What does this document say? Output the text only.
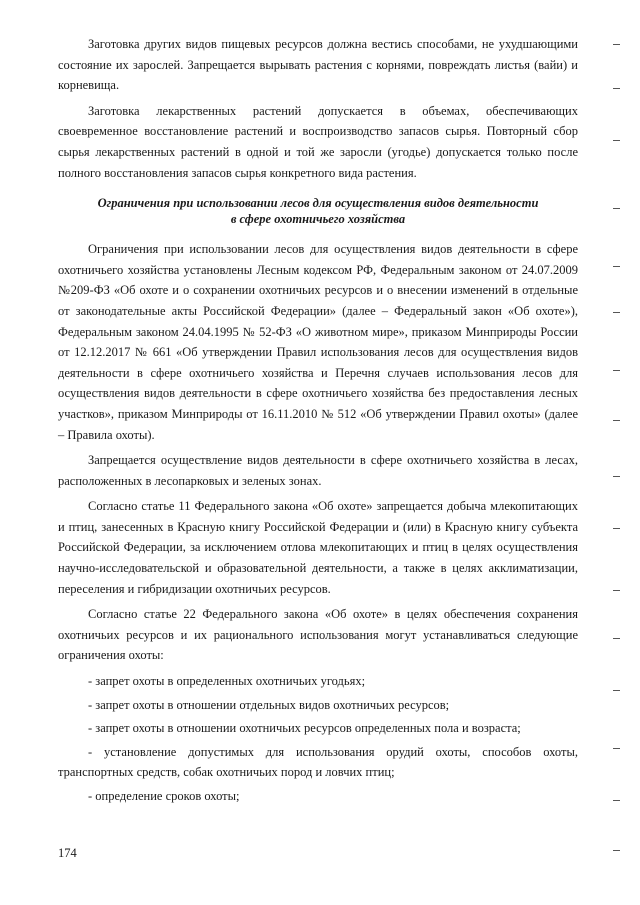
Заготовка других видов пищевых ресурсов должна вестись способами, не ухудшающими состояние их зарослей. Запрещается вырывать растения с корнями, повреждать листья (вайи) и корневища.

Заготовка лекарственных растений допускается в объемах, обеспечивающих своевременное восстановление растений и воспроизводство запасов сырья. Повторный сбор сырья лекарственных растений в одной и той же заросли (угодье) допускается только после полного восстановления запасов сырья конкретного вида растения.

Ограничения при использовании лесов для осуществления видов деятельности
в сфере охотничьего хозяйства

Ограничения при использовании лесов для осуществления видов деятельности в сфере охотничьего хозяйства установлены Лесным кодексом РФ, Федеральным законом от 24.07.2009 №209-ФЗ «Об охоте и о сохранении охотничьих ресурсов и о внесении изменений в отдельные от законодательные акты Российской Федерации» (далее – Федеральный закон «Об охоте»), Федеральным законом 24.04.1995 № 52-ФЗ «О животном мире», приказом Минприроды России от 12.12.2017 № 661 «Об утверждении Правил использования лесов для осуществления видов деятельности в сфере охотничьего хозяйства и Перечня случаев использования лесов для осуществления видов деятельности в сфере охотничьего хозяйства без предоставления лесных участков», приказом Минприроды от 16.11.2010 № 512 «Об утверждении Правил охоты» (далее – Правила охоты).

Запрещается осуществление видов деятельности в сфере охотничьего хозяйства в лесах, расположенных в лесопарковых и зеленых зонах.

Согласно статье 11 Федерального закона «Об охоте» запрещается добыча млекопитающих и птиц, занесенных в Красную книгу Российской Федерации и (или) в Красную книгу субъекта Российской Федерации, за исключением отлова млекопитающих и птиц в целях осуществления научно-исследовательской и образовательной деятельности, а также в целях акклиматизации, переселения и гибридизации охотничьих ресурсов.

Согласно статье 22 Федерального закона «Об охоте» в целях обеспечения сохранения охотничьих ресурсов и их рационального использования могут устанавливаться следующие ограничения охоты:

- запрет охоты в определенных охотничьих угодьях;

- запрет охоты в отношении отдельных видов охотничьих ресурсов;

- запрет охоты в отношении охотничьих ресурсов определенных пола и возраста;

- установление допустимых для использования орудий охоты, способов охоты, транспортных средств, собак охотничьих пород и ловчих птиц;

- определение сроков охоты;

174
